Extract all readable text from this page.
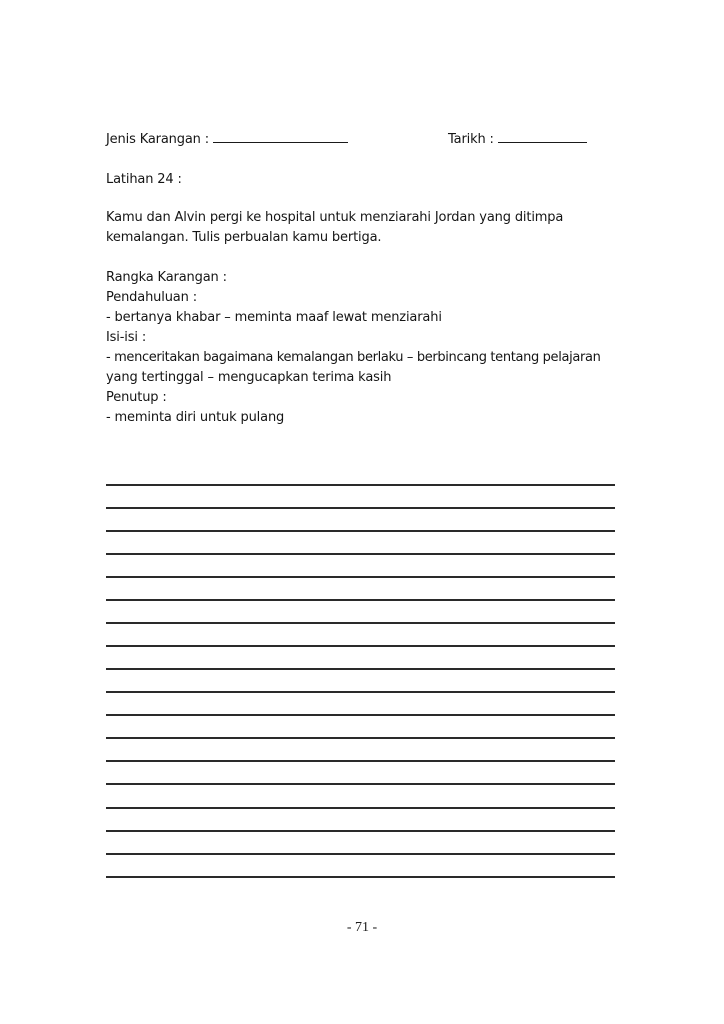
Jenis Karangan :	Tarikh :
Latihan 24 :
Kamu dan Alvin pergi ke hospital untuk menziarahi Jordan yang ditimpa
kemalangan. Tulis perbualan kamu bertiga.
Rangka Karangan :
Pendahuluan :
- bertanya khabar – meminta maaf lewat menziarahi
Isi-isi :
- menceritakan bagaimana kemalangan berlaku – berbincang tentang pelajaran
yang tertinggal – mengucapkan terima kasih
Penutup :
- meminta diri untuk pulang
- 71 -
